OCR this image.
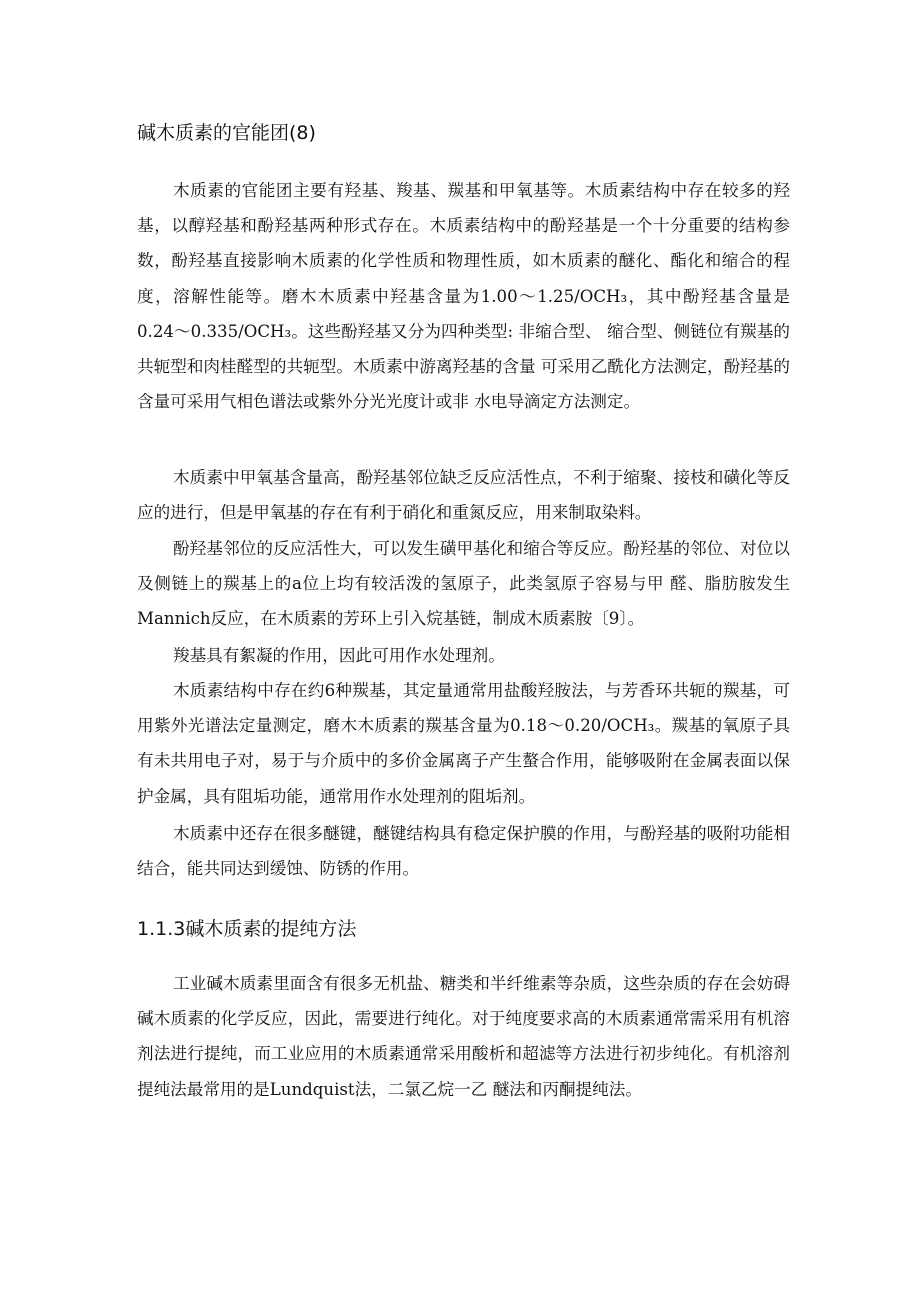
碱木质素的官能团(8)

木质素的官能团主要有羟基、羧基、羰基和甲氧基等。木质素结构中存在较多的羟基，以醇羟基和酚羟基两种形式存在。木质素结构中的酚羟基是一个十分重要的结构参数，酚羟基直接影响木质素的化学性质和物理性质，如木质素的醚化、酯化和缩合的程度，溶解性能等。磨木木质素中羟基含量为1.00〜1.25/OCH₃，其中酚羟基含量是0.24〜0.335/OCH₃。这些酚羟基又分为四种类型: 非缩合型、 缩合型、侧链位有羰基的共轭型和肉桂醛型的共轭型。木质素中游离羟基的含量 可采用乙酰化方法测定，酚羟基的含量可采用气相色谱法或紫外分光光度计或非 水电导滴定方法测定。

木质素中甲氧基含量高，酚羟基邻位缺乏反应活性点，不利于缩聚、接枝和磺化等反应的进行，但是甲氧基的存在有利于硝化和重氮反应，用来制取染料。

酚羟基邻位的反应活性大，可以发生磺甲基化和缩合等反应。酚羟基的邻位、对位以及侧链上的羰基上的a位上均有较活泼的氢原子，此类氢原子容易与甲 醛、脂肪胺发生Mannich反应，在木质素的芳环上引入烷基链，制成木质素胺〔9〕。

羧基具有絮凝的作用，因此可用作水处理剂。

木质素结构中存在约6种羰基，其定量通常用盐酸羟胺法，与芳香环共轭的羰基，可用紫外光谱法定量测定，磨木木质素的羰基含量为0.18〜0.20/OCH₃。羰基的氧原子具有未共用电子对，易于与介质中的多价金属离子产生螯合作用，能够吸附在金属表面以保护金属，具有阻垢功能，通常用作水处理剂的阻垢剂。

木质素中还存在很多醚键，醚键结构具有稳定保护膜的作用，与酚羟基的吸附功能相结合，能共同达到缓蚀、防锈的作用。

1.1.3碱木质素的提纯方法

工业碱木质素里面含有很多无机盐、糖类和半纤维素等杂质，这些杂质的存在会妨碍碱木质素的化学反应，因此，需要进行纯化。对于纯度要求高的木质素通常需采用有机溶剂法进行提纯，而工业应用的木质素通常采用酸析和超滤等方法进行初步纯化。有机溶剂提纯法最常用的是Lundquist法，二氯乙烷一乙 醚法和丙酮提纯法。
